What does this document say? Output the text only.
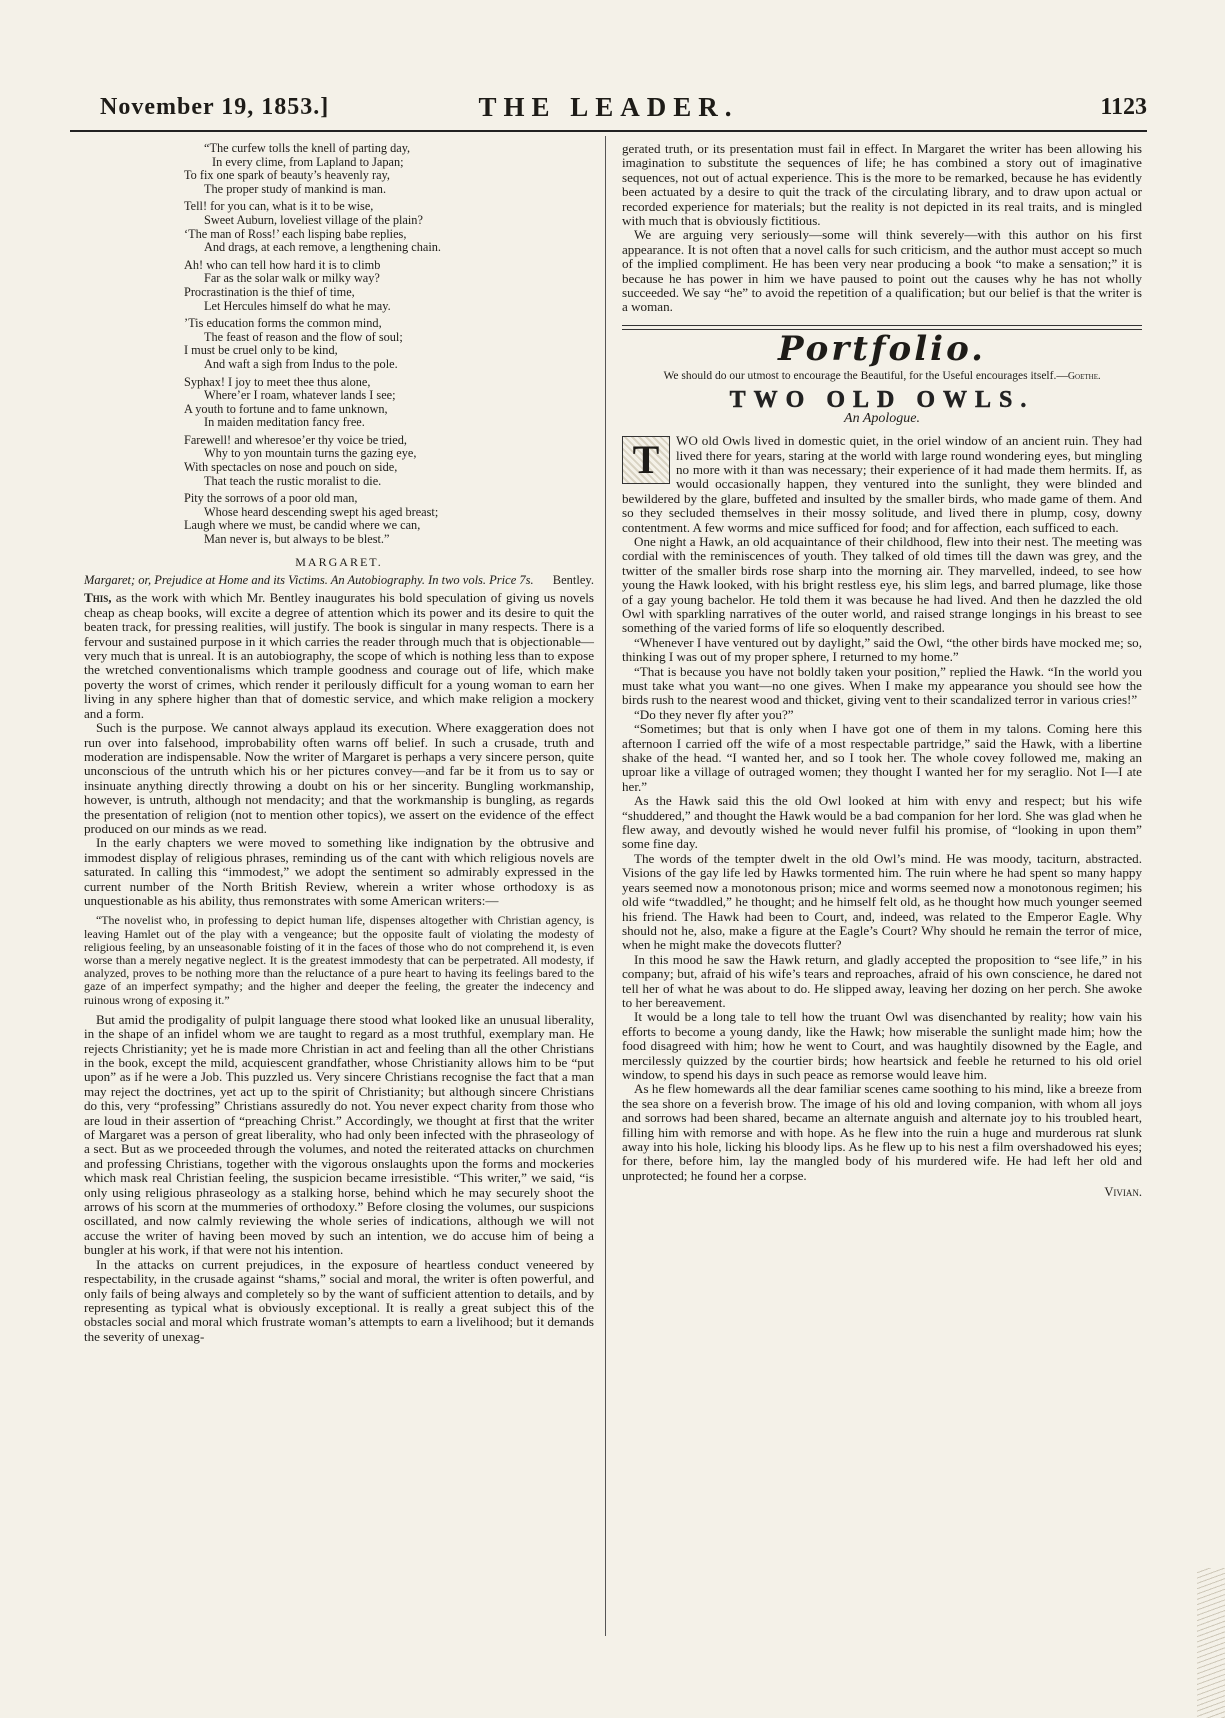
November 19, 1853.]	THE LEADER.	1123
“The curfew tolls the knell of parting day,
In every clime, from Lapland to Japan;
To fix one spark of beauty’s heavenly ray,
The proper study of mankind is man.
Tell! for you can, what is it to be wise,
Sweet Auburn, loveliest village of the plain?
‘The man of Ross!’ each lisping babe replies,
And drags, at each remove, a lengthening chain.
Ah! who can tell how hard it is to climb
Far as the solar walk or milky way?
Procrastination is the thief of time,
Let Hercules himself do what he may.
’Tis education forms the common mind,
The feast of reason and the flow of soul;
I must be cruel only to be kind,
And waft a sigh from Indus to the pole.
Syphax! I joy to meet thee thus alone,
Where’er I roam, whatever lands I see;
A youth to fortune and to fame unknown,
In maiden meditation fancy free.
Farewell! and wheresoe’er thy voice be tried,
Why to yon mountain turns the gazing eye,
With spectacles on nose and pouch on side,
That teach the rustic moralist to die.
Pity the sorrows of a poor old man,
Whose heard descending swept his aged breast;
Laugh where we must, be candid where we can,
Man never is, but always to be blest.”
MARGARET.
Margaret; or, Prejudice at Home and its Victims. An Autobiography. In two vols. Price 7s. Bentley.

This, as the work with which Mr. Bentley inaugurates his bold speculation of giving us novels cheap as cheap books, will excite a degree of attention which its power and its desire to quit the beaten track, for pressing realities, will justify. The book is singular in many respects. There is a fervour and sustained purpose in it which carries the reader through much that is objectionable—very much that is unreal. It is an autobiography, the scope of which is nothing less than to expose the wretched conventionalisms which trample goodness and courage out of life, which make poverty the worst of crimes, which render it perilously difficult for a young woman to earn her living in any sphere higher than that of domestic service, and which make religion a mockery and a form.

Such is the purpose. We cannot always applaud its execution. Where exaggeration does not run over into falsehood, improbability often warns off belief. In such a crusade, truth and moderation are indispensable. Now the writer of Margaret is perhaps a very sincere person, quite unconscious of the untruth which his or her pictures convey—and far be it from us to say or insinuate anything directly throwing a doubt on his or her sincerity. Bungling workmanship, however, is untruth, although not mendacity; and that the workmanship is bungling, as regards the presentation of religion (not to mention other topics), we assert on the evidence of the effect produced on our minds as we read.

In the early chapters we were moved to something like indignation by the obtrusive and immodest display of religious phrases, reminding us of the cant with which religious novels are saturated. In calling this “immodest,” we adopt the sentiment so admirably expressed in the current number of the North British Review, wherein a writer whose orthodoxy is as unquestionable as his ability, thus remonstrates with some American writers:—

“The novelist who, in professing to depict human life, dispenses altogether with Christian agency, is leaving Hamlet out of the play with a vengeance; but the opposite fault of violating the modesty of religious feeling, by an unseasonable foisting of it in the faces of those who do not comprehend it, is even worse than a merely negative neglect. It is the greatest immodesty that can be perpetrated. All modesty, if analyzed, proves to be nothing more than the reluctance of a pure heart to having its feelings bared to the gaze of an imperfect sympathy; and the higher and deeper the feeling, the greater the indecency and ruinous wrong of exposing it.”

But amid the prodigality of pulpit language there stood what looked like an unusual liberality, in the shape of an infidel whom we are taught to regard as a most truthful, exemplary man. He rejects Christianity; yet he is made more Christian in act and feeling than all the other Christians in the book, except the mild, acquiescent grandfather, whose Christianity allows him to be “put upon” as if he were a Job. This puzzled us. Very sincere Christians recognise the fact that a man may reject the doctrines, yet act up to the spirit of Christianity; but although sincere Christians do this, very “professing” Christians assuredly do not. You never expect charity from those who are loud in their assertion of “preaching Christ.” Accordingly, we thought at first that the writer of Margaret was a person of great liberality, who had only been infected with the phraseology of a sect. But as we proceeded through the volumes, and noted the reiterated attacks on churchmen and professing Christians, together with the vigorous onslaughts upon the forms and mockeries which mask real Christian feeling, the suspicion became irresistible. “This writer,” we said, “is only using religious phraseology as a stalking horse, behind which he may securely shoot the arrows of his scorn at the mummeries of orthodoxy.” Before closing the volumes, our suspicions oscillated, and now calmly reviewing the whole series of indications, although we will not accuse the writer of having been moved by such an intention, we do accuse him of being a bungler at his work, if that were not his intention.

In the attacks on current prejudices, in the exposure of heartless conduct veneered by respectability, in the crusade against “shams,” social and moral, the writer is often powerful, and only fails of being always and completely so by the want of sufficient attention to details, and by representing as typical what is obviously exceptional. It is really a great subject this of the obstacles social and moral which frustrate woman’s attempts to earn a livelihood; but it demands the severity of unexag-

gerated truth, or its presentation must fail in effect. In Margaret the writer has been allowing his imagination to substitute the sequences of life; he has combined a story out of imaginative sequences, not out of actual experience. This is the more to be remarked, because he has evidently been actuated by a desire to quit the track of the circulating library, and to draw upon actual or recorded experience for materials; but the reality is not depicted in its real traits, and is mingled with much that is obviously fictitious.

We are arguing very seriously—some will think severely—with this author on his first appearance. It is not often that a novel calls for such criticism, and the author must accept so much of the implied compliment. He has been very near producing a book “to make a sensation;” it is because he has power in him we have paused to point out the causes why he has not wholly succeeded. We say “he” to avoid the repetition of a qualification; but our belief is that the writer is a woman.

Portfolio.
We should do our utmost to encourage the Beautiful, for the Useful encourages itself.—Goethe.
TWO OLD OWLS.
An Apologue.

T	WO old Owls lived in domestic quiet, in the oriel window of an ancient ruin. They had lived there for years, staring at the world with large round wondering eyes, but mingling no more with it than was necessary; their experience of it had made them hermits. If, as would occasionally happen, they ventured into the sunlight, they were blinded and bewildered by the glare, buffeted and insulted by the smaller birds, who made game of them. And so they secluded themselves in their mossy solitude, and lived there in plump, cosy, downy contentment. A few worms and mice sufficed for food; and for affection, each sufficed to each.

One night a Hawk, an old acquaintance of their childhood, flew into their nest. The meeting was cordial with the reminiscences of youth. They talked of old times till the dawn was grey, and the twitter of the smaller birds rose sharp into the morning air. They marvelled, indeed, to see how young the Hawk looked, with his bright restless eye, his slim legs, and barred plumage, like those of a gay young bachelor. He told them it was because he had lived. And then he dazzled the old Owl with sparkling narratives of the outer world, and raised strange longings in his breast to see something of the varied forms of life so eloquently described.

“Whenever I have ventured out by daylight,” said the Owl, “the other birds have mocked me; so, thinking I was out of my proper sphere, I returned to my home.”

“That is because you have not boldly taken your position,” replied the Hawk. “In the world you must take what you want—no one gives. When I make my appearance you should see how the birds rush to the nearest wood and thicket, giving vent to their scandalized terror in various cries!”

“Do they never fly after you?”

“Sometimes; but that is only when I have got one of them in my talons. Coming here this afternoon I carried off the wife of a most respectable partridge,” said the Hawk, with a libertine shake of the head. “I wanted her, and so I took her. The whole covey followed me, making an uproar like a village of outraged women; they thought I wanted her for my seraglio. Not I—I ate her.”

As the Hawk said this the old Owl looked at him with envy and respect; but his wife “shuddered,” and thought the Hawk would be a bad companion for her lord. She was glad when he flew away, and devoutly wished he would never fulfil his promise, of “looking in upon them” some fine day.

The words of the tempter dwelt in the old Owl’s mind. He was moody, taciturn, abstracted. Visions of the gay life led by Hawks tormented him. The ruin where he had spent so many happy years seemed now a monotonous prison; mice and worms seemed now a monotonous regimen; his old wife “twaddled,” he thought; and he himself felt old, as he thought how much younger seemed his friend. The Hawk had been to Court, and, indeed, was related to the Emperor Eagle. Why should not he, also, make a figure at the Eagle’s Court? Why should he remain the terror of mice, when he might make the dovecots flutter?

In this mood he saw the Hawk return, and gladly accepted the proposition to “see life,” in his company; but, afraid of his wife’s tears and reproaches, afraid of his own conscience, he dared not tell her of what he was about to do. He slipped away, leaving her dozing on her perch. She awoke to her bereavement.

It would be a long tale to tell how the truant Owl was disenchanted by reality; how vain his efforts to become a young dandy, like the Hawk; how miserable the sunlight made him; how the food disagreed with him; how he went to Court, and was haughtily disowned by the Eagle, and mercilessly quizzed by the courtier birds; how heartsick and feeble he returned to his old oriel window, to spend his days in such peace as remorse would leave him.

As he flew homewards all the dear familiar scenes came soothing to his mind, like a breeze from the sea shore on a feverish brow. The image of his old and loving companion, with whom all joys and sorrows had been shared, became an alternate anguish and alternate joy to his troubled heart, filling him with remorse and with hope. As he flew into the ruin a huge and murderous rat slunk away into his hole, licking his bloody lips. As he flew up to his nest a film overshadowed his eyes; for there, before him, lay the mangled body of his murdered wife. He had left her old and unprotected; he found her a corpse.

Vivian.
